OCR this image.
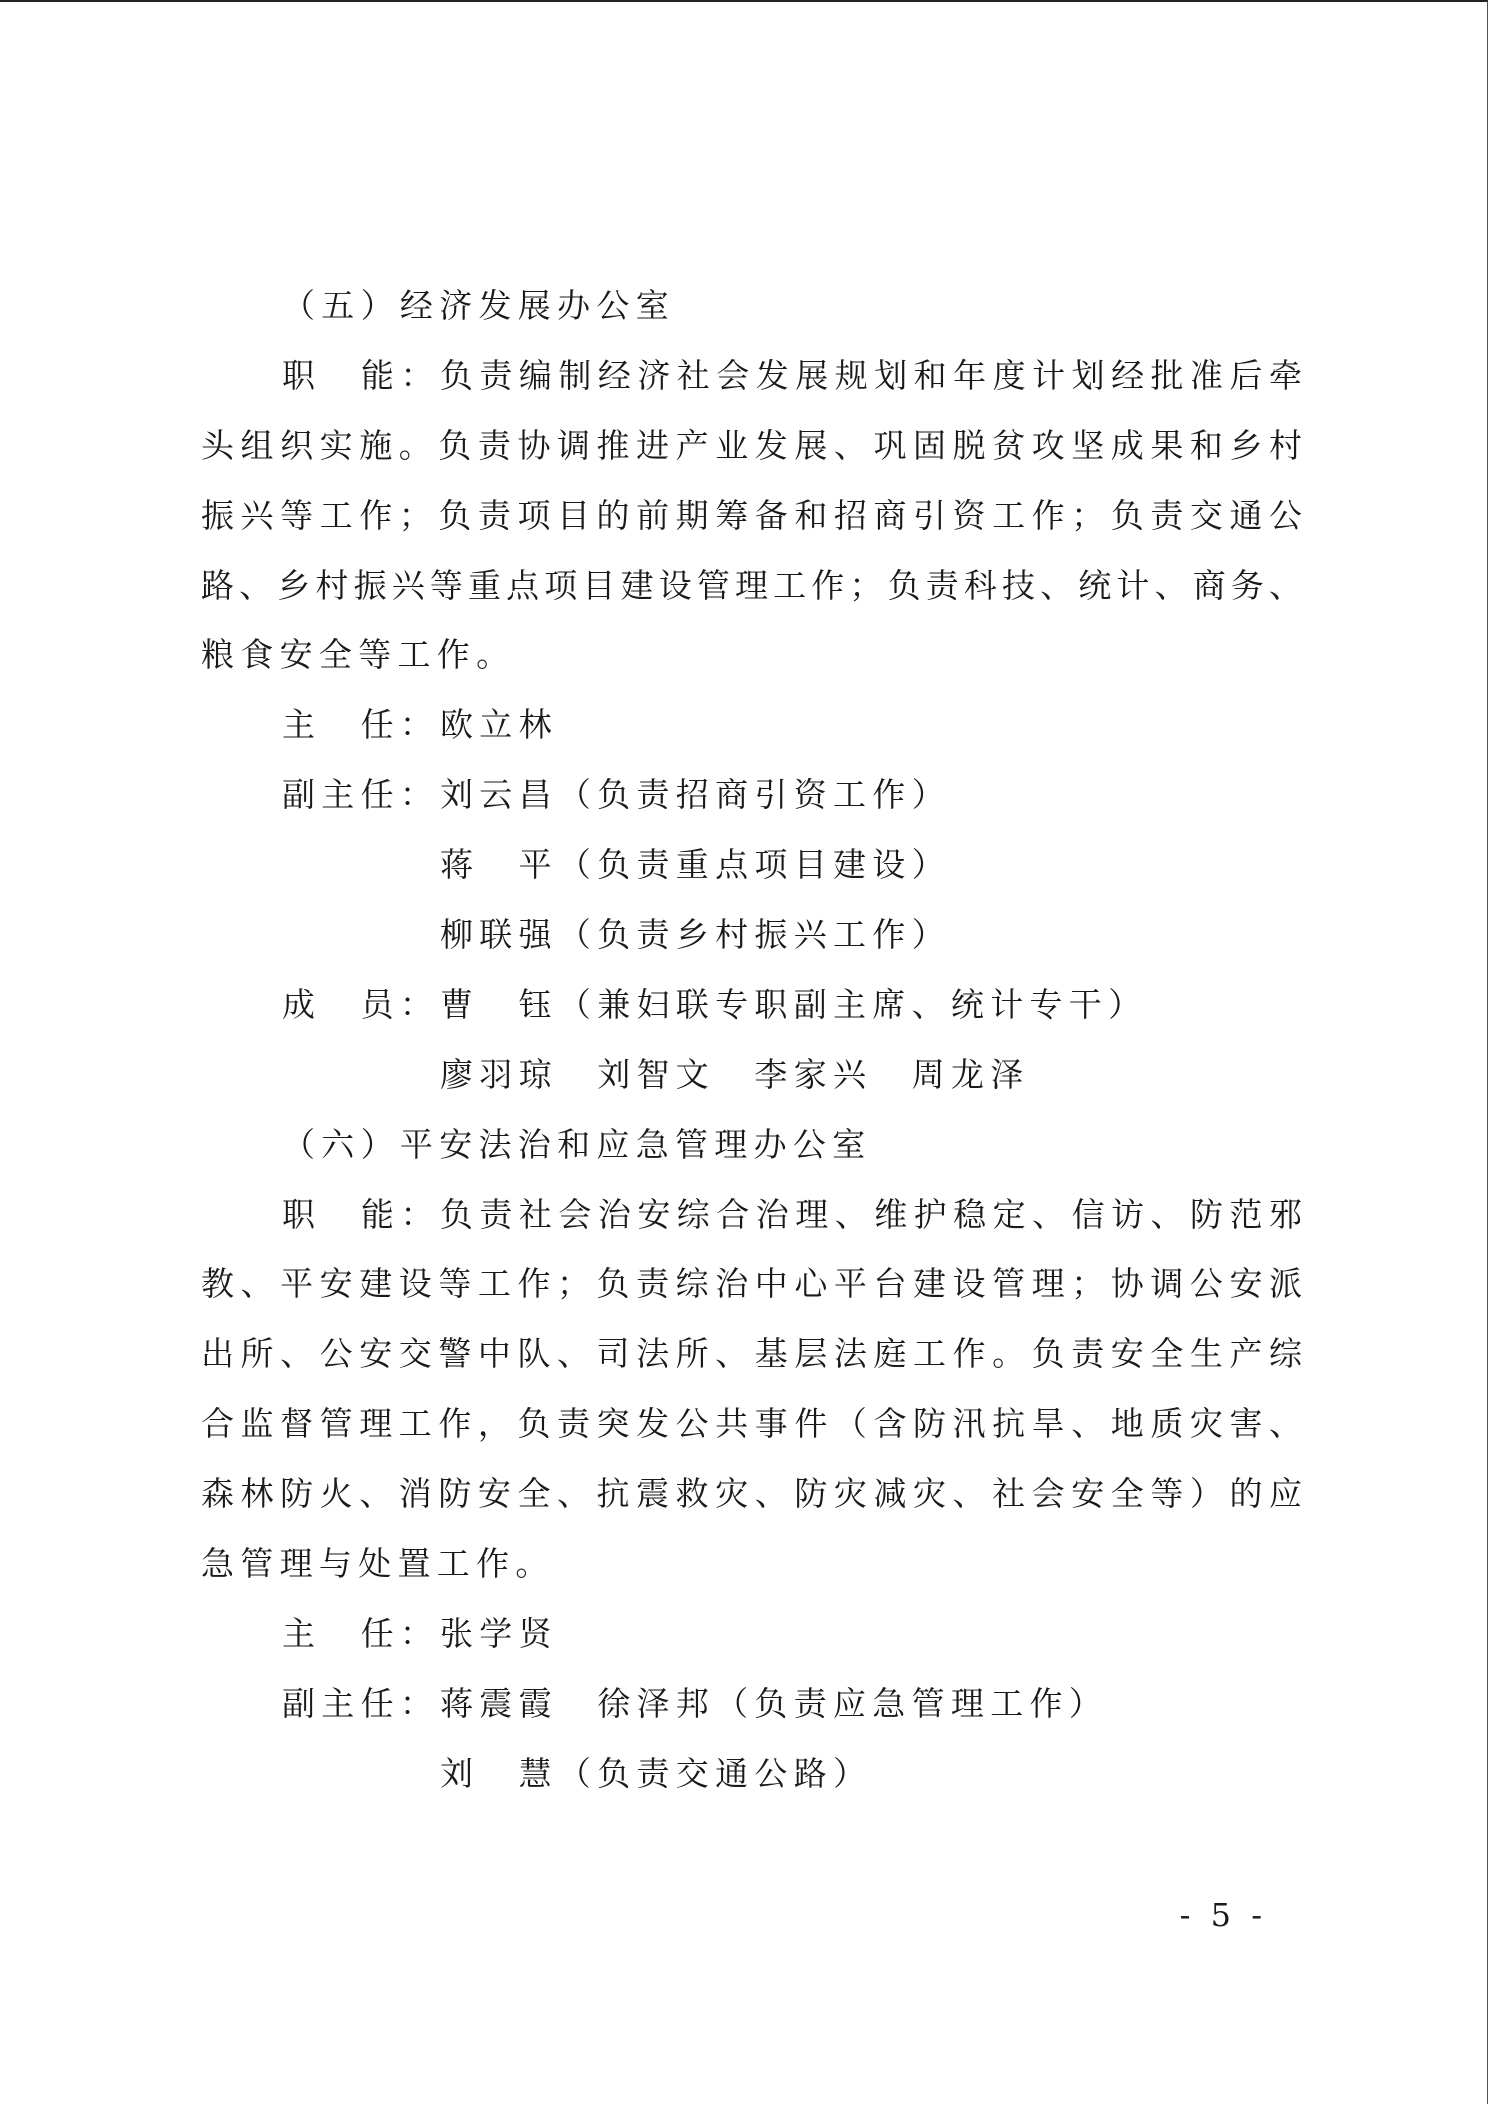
（五）经济发展办公室
职　能：负责编制经济社会发展规划和年度计划经批准后牵
头组织实施。负责协调推进产业发展、巩固脱贫攻坚成果和乡村
振兴等工作；负责项目的前期筹备和招商引资工作；负责交通公
路、乡村振兴等重点项目建设管理工作；负责科技、统计、商务、
粮食安全等工作。
主　任：欧立林
副主任：刘云昌（负责招商引资工作）
蒋　平（负责重点项目建设）
柳联强（负责乡村振兴工作）
成　员：曹　钰（兼妇联专职副主席、统计专干）
廖羽琼　刘智文　李家兴　周龙泽
（六）平安法治和应急管理办公室
职　能：负责社会治安综合治理、维护稳定、信访、防范邪
教、平安建设等工作；负责综治中心平台建设管理；协调公安派
出所、公安交警中队、司法所、基层法庭工作。负责安全生产综
合监督管理工作，负责突发公共事件（含防汛抗旱、地质灾害、
森林防火、消防安全、抗震救灾、防灾减灾、社会安全等）的应
急管理与处置工作。
主　任：张学贤
副主任：蒋震霞　徐泽邦（负责应急管理工作）
刘　慧（负责交通公路）
- 5 -
